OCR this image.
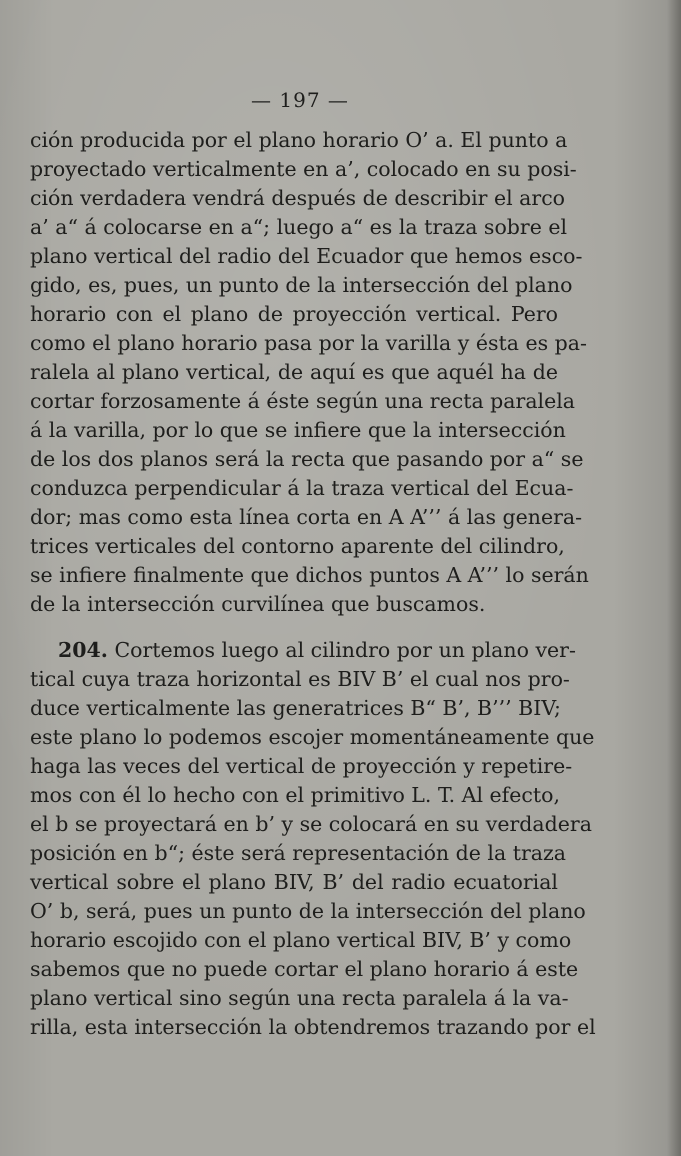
— 197 —
ción producida por el plano horario O’ a. El punto a
proyectado verticalmente en a’, colocado en su posi-
ción verdadera vendrá después de describir el arco
a’ a“ á colocarse en a“; luego a“ es la traza sobre el
plano vertical del radio del Ecuador que hemos esco-
gido, es, pues, un punto de la intersección del plano
horario con el plano de proyección vertical. Pero
como el plano horario pasa por la varilla y ésta es pa-
ralela al plano vertical, de aquí es que aquél ha de
cortar forzosamente á éste según una recta paralela
á la varilla, por lo que se infiere que la intersección
de los dos planos será la recta que pasando por a“ se
conduzca perpendicular á la traza vertical del Ecua-
dor; mas como esta línea corta en A A’’’ á las genera-
trices verticales del contorno aparente del cilindro,
se infiere finalmente que dichos puntos A A’’’ lo serán
de la intersección curvilínea que buscamos.
204. Cortemos luego al cilindro por un plano ver-
tical cuya traza horizontal es BIV B’ el cual nos pro-
duce verticalmente las generatrices B“ B’, B’’’ BIV;
este plano lo podemos escojer momentáneamente que
haga las veces del vertical de proyección y repetire-
mos con él lo hecho con el primitivo L. T. Al efecto,
el b se proyectará en b’ y se colocará en su verdadera
posición en b“; éste será representación de la traza
vertical sobre el plano BIV, B’ del radio ecuatorial
O’ b, será, pues un punto de la intersección del plano
horario escojido con el plano vertical BIV, B’ y como
sabemos que no puede cortar el plano horario á este
plano vertical sino según una recta paralela á la va-
rilla, esta intersección la obtendremos trazando por el
